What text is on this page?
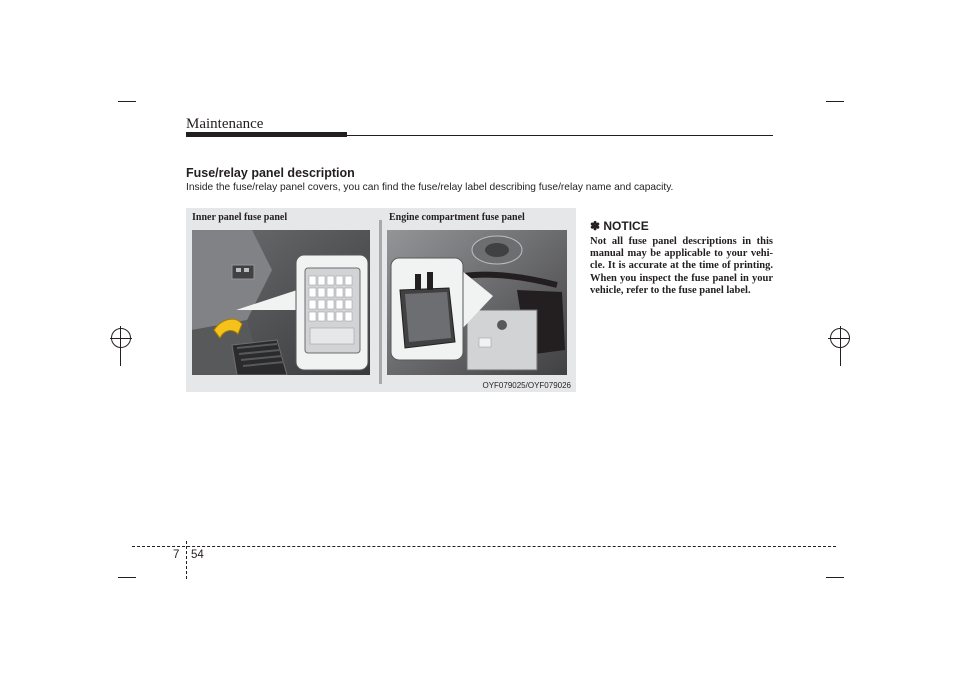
Maintenance
Fuse/relay panel description
Inside the fuse/relay panel covers, you can find the fuse/relay label describing fuse/relay name and capacity.
Inner panel fuse panel	Engine compartment fuse panel
OYF079025/OYF079026
✽ NOTICE
Not all fuse panel descriptions in this manual may be applicable to your vehi-cle. It is accurate at the time of printing. When you inspect the fuse panel in your vehicle, refer to the fuse panel label.
7 54
